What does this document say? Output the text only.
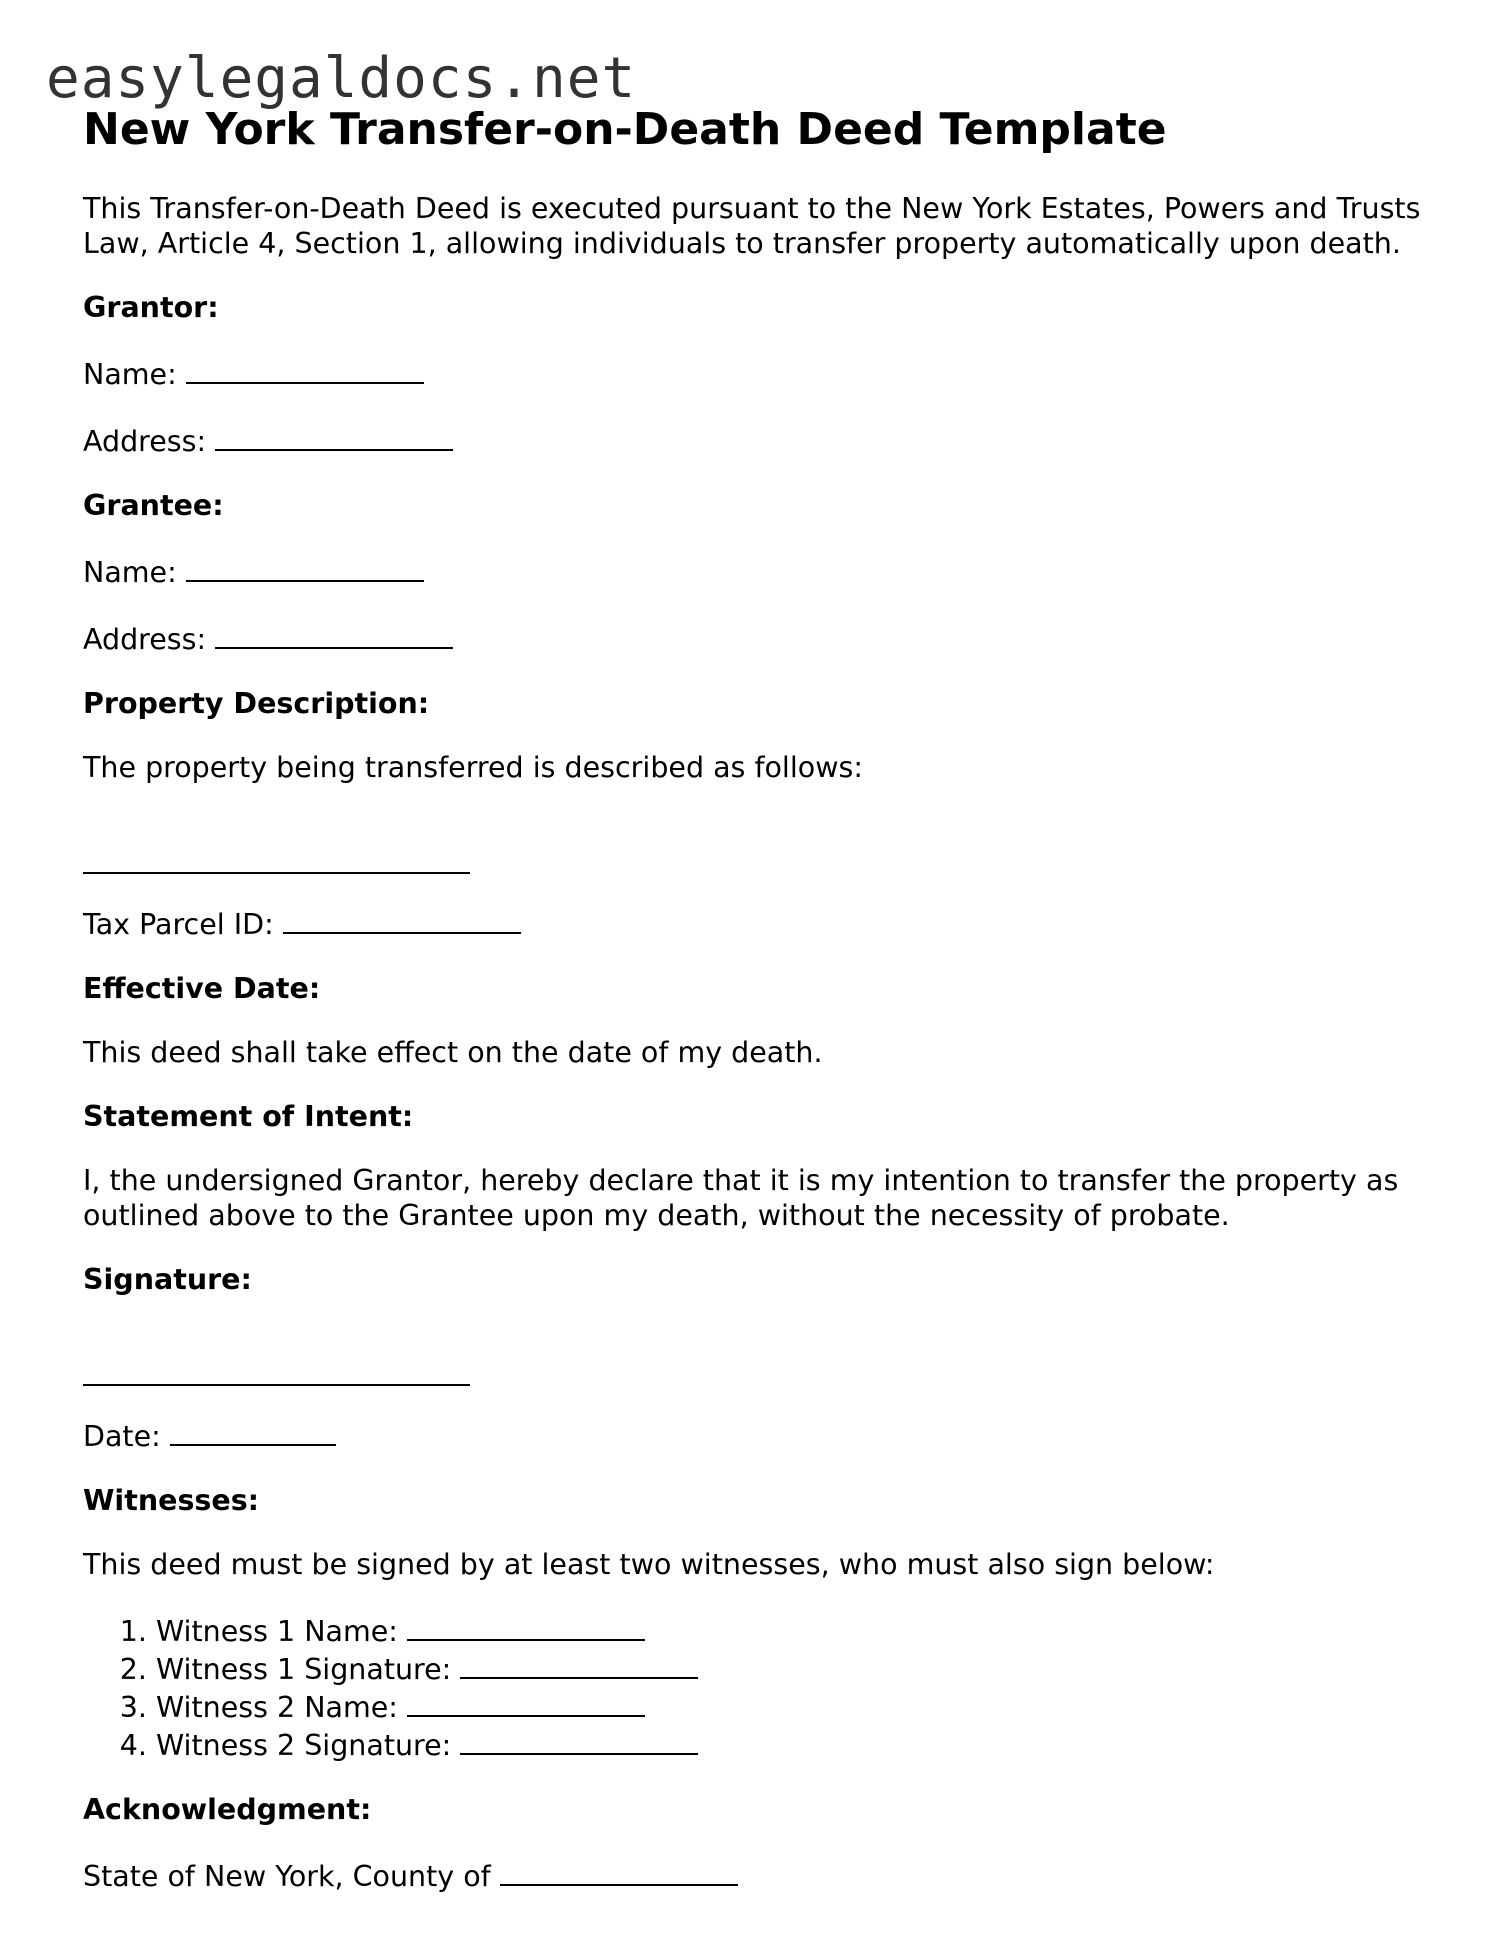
easylegaldocs.net
New York Transfer-on-Death Deed Template

This Transfer-on-Death Deed is executed pursuant to the New York Estates, Powers and Trusts Law, Article 4, Section 1, allowing individuals to transfer property automatically upon death.

Grantor:

Name:

Address:

Grantee:

Name:

Address:

Property Description:

The property being transferred is described as follows:

Tax Parcel ID:

Effective Date:

This deed shall take effect on the date of my death.

Statement of Intent:

I, the undersigned Grantor, hereby declare that it is my intention to transfer the property as outlined above to the Grantee upon my death, without the necessity of probate.

Signature:

Date:

Witnesses:

This deed must be signed by at least two witnesses, who must also sign below:

1. Witness 1 Name:
2. Witness 1 Signature:
3. Witness 2 Name:
4. Witness 2 Signature:

Acknowledgment:

State of New York, County of
